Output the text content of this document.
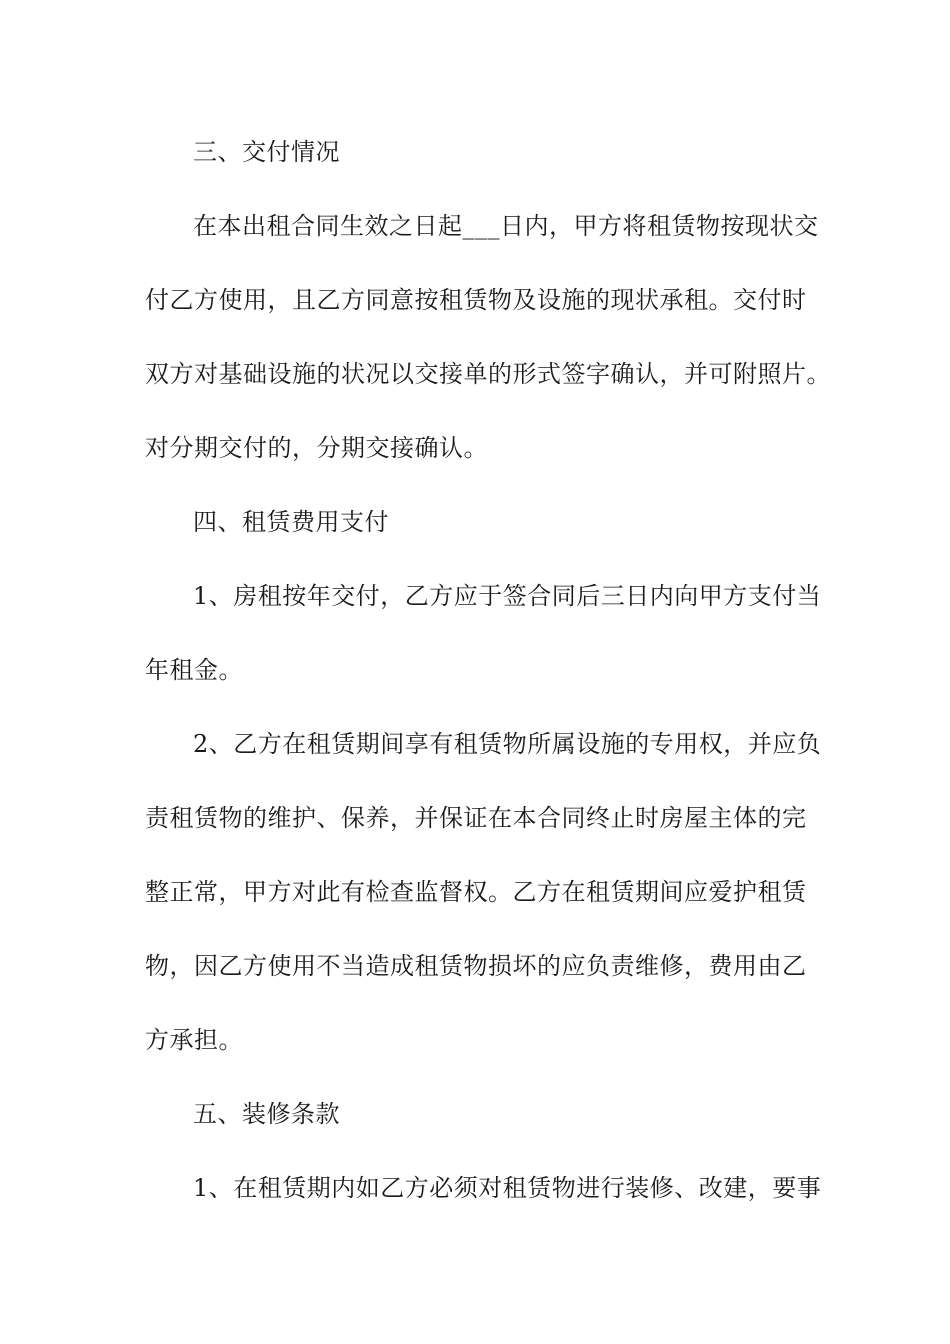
三、交付情况
在本出租合同生效之日起___日内，甲方将租赁物按现状交
付乙方使用，且乙方同意按租赁物及设施的现状承租。交付时
双方对基础设施的状况以交接单的形式签字确认，并可附照片。
对分期交付的，分期交接确认。
四、租赁费用支付
1、房租按年交付，乙方应于签合同后三日内向甲方支付当
年租金。
2、乙方在租赁期间享有租赁物所属设施的专用权，并应负
责租赁物的维护、保养，并保证在本合同终止时房屋主体的完
整正常，甲方对此有检查监督权。乙方在租赁期间应爱护租赁
物，因乙方使用不当造成租赁物损坏的应负责维修，费用由乙
方承担。
五、装修条款
1、在租赁期内如乙方必须对租赁物进行装修、改建，要事
